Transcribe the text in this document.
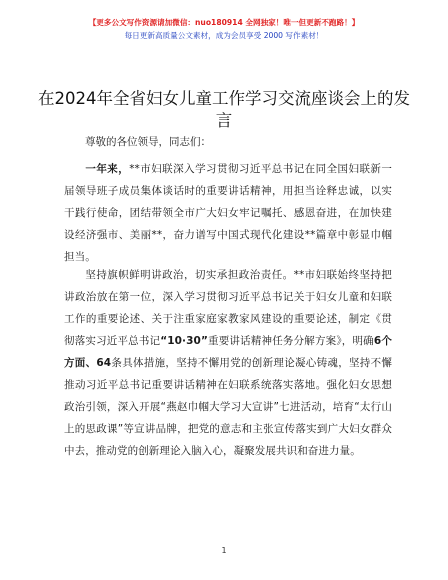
【更多公文写作资源请加微信：nuo180914 全网独家！唯一但更新不跑路！】
每日更新高质量公文素材，成为会员享受 2000 写作素材！
在2024年全省妇女儿童工作学习交流座谈会上的发言
尊敬的各位领导，同志们：
一年来，**市妇联深入学习贯彻习近平总书记在同全国妇联新一届领导班子成员集体谈话时的重要讲话精神，用担当诠释忠诚，以实干践行使命，团结带领全市广大妇女牢记嘱托、感恩奋进，在加快建设经济强市、美丽**，奋力谱写中国式现代化建设**篇章中彰显巾帼担当。
坚持旗帜鲜明讲政治，切实承担政治责任。**市妇联始终坚持把讲政治放在第一位，深入学习贯彻习近平总书记关于妇女儿童和妇联工作的重要论述、关于注重家庭家教家风建设的重要论述，制定《贯彻落实习近平总书记“10·30”重要讲话精神任务分解方案》，明确6个方面、64条具体措施，坚持不懈用党的创新理论凝心铸魂，坚持不懈推动习近平总书记重要讲话精神在妇联系统落实落地。强化妇女思想政治引领，深入开展“燕赵巾帼大学习大宣讲”七进活动，培育“太行山上的思政课”等宣讲品牌，把党的意志和主张宣传落实到广大妇女群众中去，推动党的创新理论入脑入心，凝聚发展共识和奋进力量。
1
